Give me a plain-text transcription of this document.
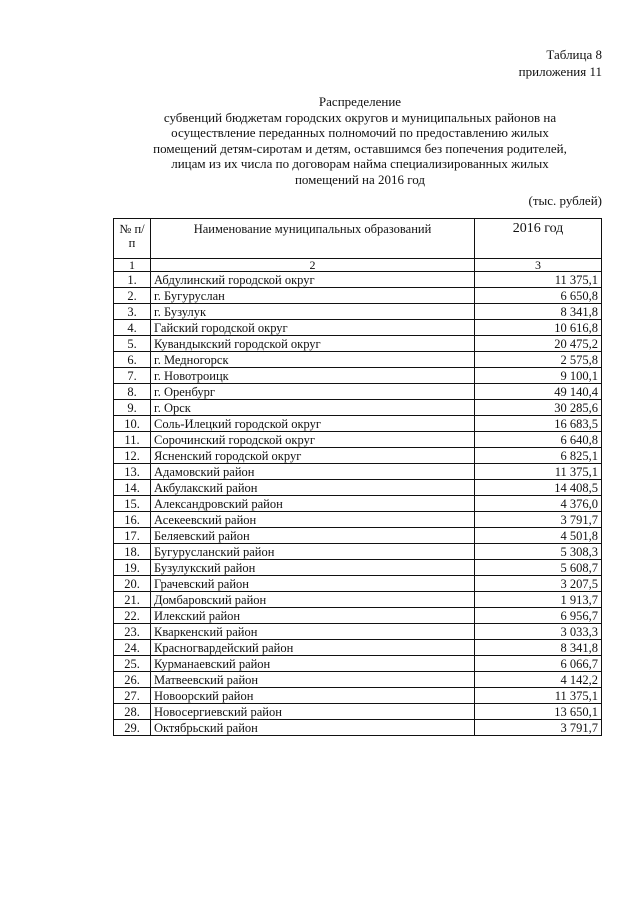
Таблица 8
приложения 11
Распределение
субвенций бюджетам городских округов и муниципальных районов на
осуществление переданных полномочий по предоставлению жилых
помещений детям-сиротам и детям, оставшимся без попечения родителей,
лицам из их числа по договорам найма специализированных жилых
помещений на 2016 год
(тыс. рублей)
№ п/п	Наименование муниципальных образований	2016 год
1	2	3
1.	Абдулинский городской округ	11 375,1
2.	г. Бугуруслан	6 650,8
3.	г. Бузулук	8 341,8
4.	Гайский городской округ	10 616,8
5.	Кувандыкский городской округ	20 475,2
6.	г. Медногорск	2 575,8
7.	г. Новотроицк	9 100,1
8.	г. Оренбург	49 140,4
9.	г. Орск	30 285,6
10.	Соль-Илецкий городской округ	16 683,5
11.	Сорочинский городской округ	6 640,8
12.	Ясненский городской округ	6 825,1
13.	Адамовский район	11 375,1
14.	Акбулакский район	14 408,5
15.	Александровский район	4 376,0
16.	Асекеевский район	3 791,7
17.	Беляевский район	4 501,8
18.	Бугурусланский район	5 308,3
19.	Бузулукский район	5 608,7
20.	Грачевский район	3 207,5
21.	Домбаровский район	1 913,7
22.	Илекский район	6 956,7
23.	Кваркенский район	3 033,3
24.	Красногвардейский район	8 341,8
25.	Курманаевский район	6 066,7
26.	Матвеевский район	4 142,2
27.	Новоорский район	11 375,1
28.	Новосергиевский район	13 650,1
29.	Октябрьский район	3 791,7
